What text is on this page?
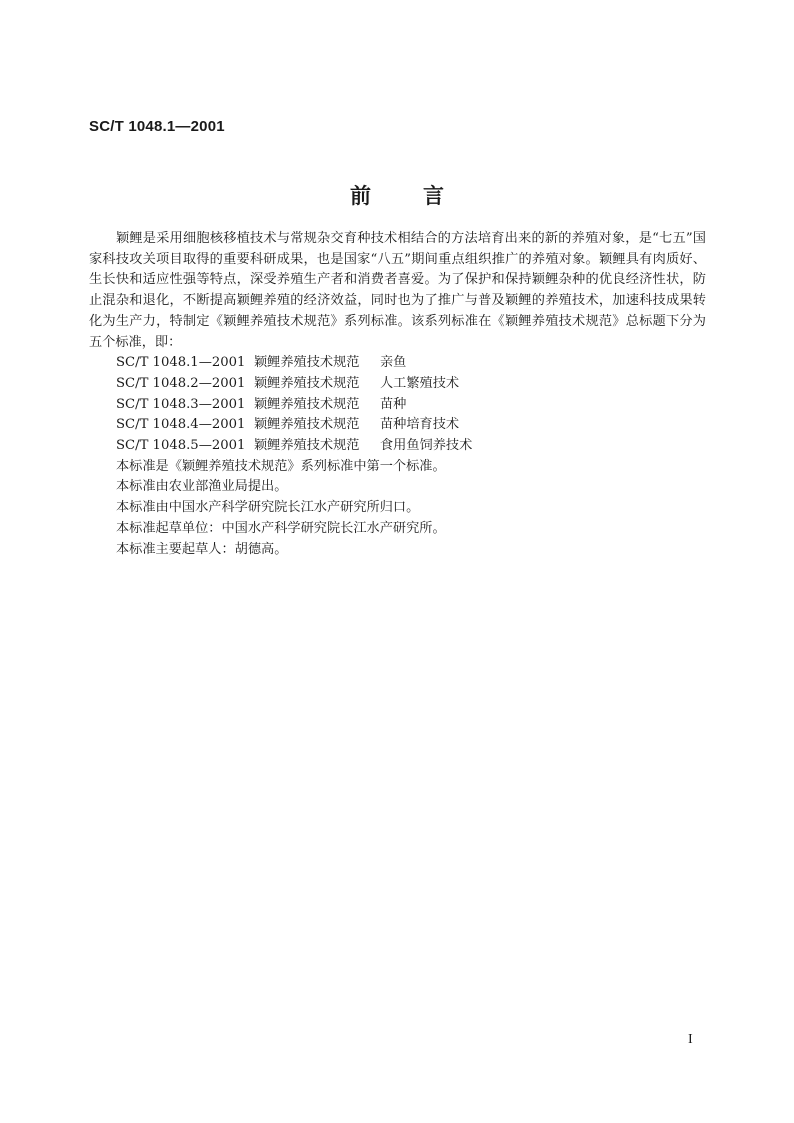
SC/T 1048.1—2001
前言

颖鲤是采用细胞核移植技术与常规杂交育种技术相结合的方法培育出来的新的养殖对象，是“七五”国家科技攻关项目取得的重要科研成果，也是国家“八五”期间重点组织推广的养殖对象。颖鲤具有肉质好、生长快和适应性强等特点，深受养殖生产者和消费者喜爱。为了保护和保持颖鲤杂种的优良经济性状，防止混杂和退化，不断提高颖鲤养殖的经济效益，同时也为了推广与普及颖鲤的养殖技术，加速科技成果转化为生产力，特制定《颖鲤养殖技术规范》系列标准。该系列标准在《颖鲤养殖技术规范》总标题下分为五个标准，即：

SC/T 1048.1—2001 颖鲤养殖技术规范	亲鱼
SC/T 1048.2—2001 颖鲤养殖技术规范	人工繁殖技术
SC/T 1048.3—2001 颖鲤养殖技术规范	苗种
SC/T 1048.4—2001 颖鲤养殖技术规范	苗种培育技术
SC/T 1048.5—2001 颖鲤养殖技术规范	食用鱼饲养技术

本标准是《颖鲤养殖技术规范》系列标准中第一个标准。

本标准由农业部渔业局提出。

本标准由中国水产科学研究院长江水产研究所归口。

本标准起草单位：中国水产科学研究院长江水产研究所。

本标准主要起草人：胡德高。

I
